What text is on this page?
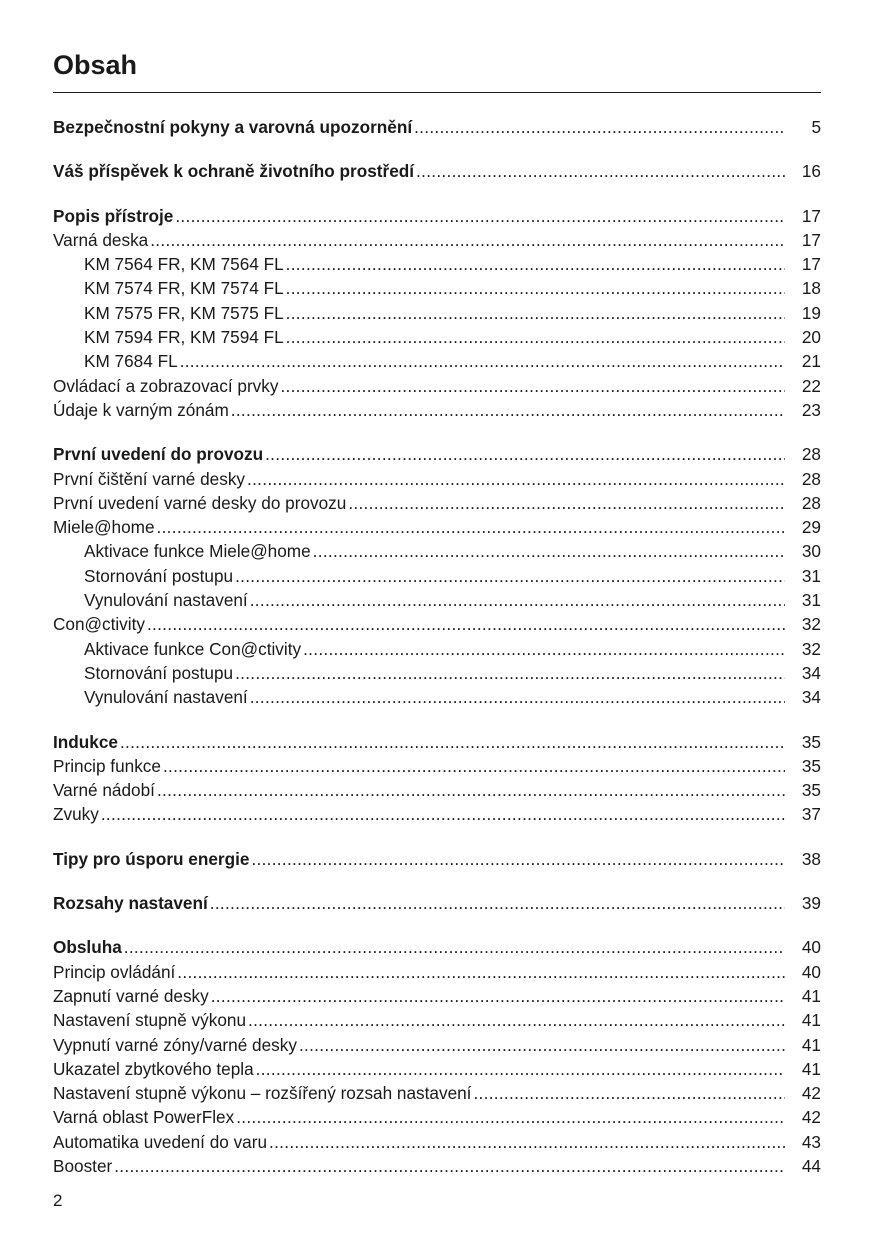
Obsah
Bezpečnostní pokyny a varovná upozornění .....	5
Váš příspěvek k ochraně životního prostředí .....	16
Popis přístroje .....	17
Varná deska .....	17
KM 7564 FR, KM 7564 FL .....	17
KM 7574 FR, KM 7574 FL .....	18
KM 7575 FR, KM 7575 FL .....	19
KM 7594 FR, KM 7594 FL .....	20
KM 7684 FL .....	21
Ovládací a zobrazovací prvky .....	22
Údaje k varným zónám .....	23
První uvedení do provozu .....	28
První čištění varné desky .....	28
První uvedení varné desky do provozu .....	28
Miele@home .....	29
Aktivace funkce Miele@home .....	30
Stornování postupu .....	31
Vynulování nastavení .....	31
Con@ctivity .....	32
Aktivace funkce Con@ctivity .....	32
Stornování postupu .....	34
Vynulování nastavení .....	34
Indukce .....	35
Princip funkce .....	35
Varné nádobí .....	35
Zvuky .....	37
Tipy pro úsporu energie .....	38
Rozsahy nastavení .....	39
Obsluha .....	40
Princip ovládání .....	40
Zapnutí varné desky .....	41
Nastavení stupně výkonu .....	41
Vypnutí varné zóny/varné desky .....	41
Ukazatel zbytkového tepla .....	41
Nastavení stupně výkonu – rozšířený rozsah nastavení .....	42
Varná oblast PowerFlex .....	42
Automatika uvedení do varu .....	43
Booster .....	44
2
